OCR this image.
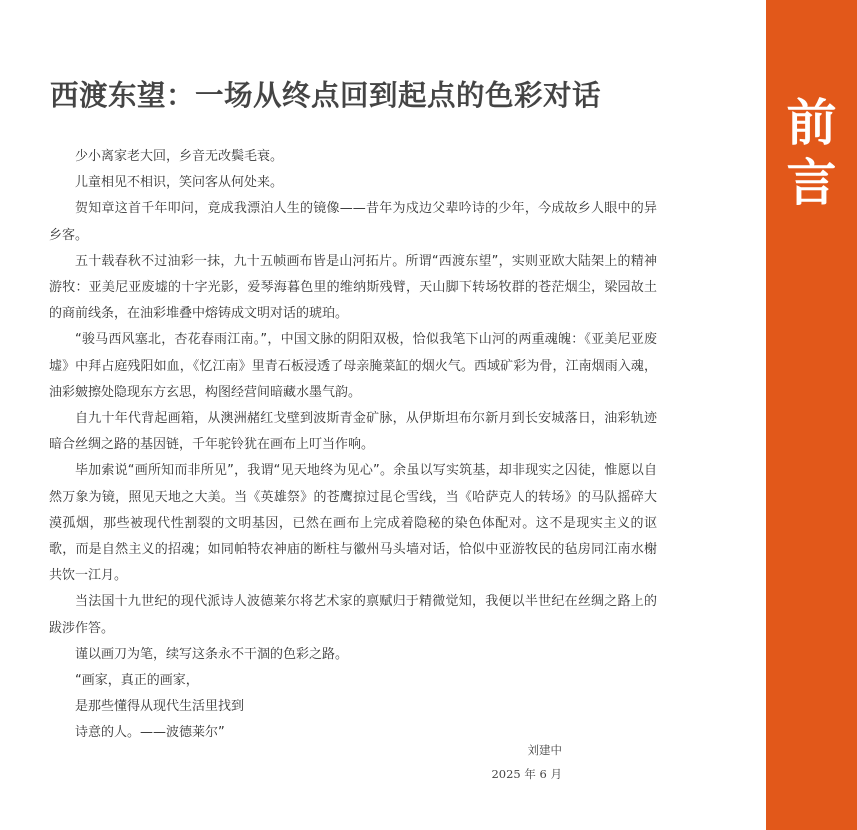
西渡东望：一场从终点回到起点的色彩对话

少小离家老大回，乡音无改鬓毛衰。

儿童相见不相识，笑问客从何处来。

贺知章这首千年叩问，竟成我漂泊人生的镜像——昔年为戍边父辈吟诗的少年，今成故乡人眼中的异乡客。

五十载春秋不过油彩一抹，九十五帧画布皆是山河拓片。所谓“西渡东望”，实则亚欧大陆架上的精神游牧：亚美尼亚废墟的十字光影，爱琴海暮色里的维纳斯残臂，天山脚下转场牧群的苍茫烟尘，梁园故土的商前线条，在油彩堆叠中熔铸成文明对话的琥珀。

“骏马西风塞北，杏花春雨江南。”，中国文脉的阴阳双极，恰似我笔下山河的两重魂魄：《亚美尼亚废墟》中拜占庭残阳如血，《忆江南》里青石板浸透了母亲腌菜缸的烟火气。西域矿彩为骨，江南烟雨入魂，油彩皴擦处隐现东方玄思，构图经营间暗藏水墨气韵。

自九十年代背起画箱，从澳洲赭红戈壁到波斯青金矿脉，从伊斯坦布尔新月到长安城落日，油彩轨迹暗合丝绸之路的基因链，千年驼铃犹在画布上叮当作响。

毕加索说“画所知而非所见”，我谓“见天地终为见心”。余虽以写实筑基，却非现实之囚徒，惟愿以自然万象为镜，照见天地之大美。当《英雄祭》的苍鹰掠过昆仑雪线，当《哈萨克人的转场》的马队摇碎大漠孤烟，那些被现代性割裂的文明基因，已然在画布上完成着隐秘的染色体配对。这不是现实主义的讴歌，而是自然主义的招魂；如同帕特农神庙的断柱与徽州马头墙对话，恰似中亚游牧民的毡房同江南水榭共饮一江月。

当法国十九世纪的现代派诗人波德莱尔将艺术家的禀赋归于精微觉知，我便以半世纪在丝绸之路上的跋涉作答。

谨以画刀为笔，续写这条永不干涸的色彩之路。

“画家，真正的画家，

是那些懂得从现代生活里找到

诗意的人。——波德莱尔”

刘建中
2025 年 6 月
前
言
